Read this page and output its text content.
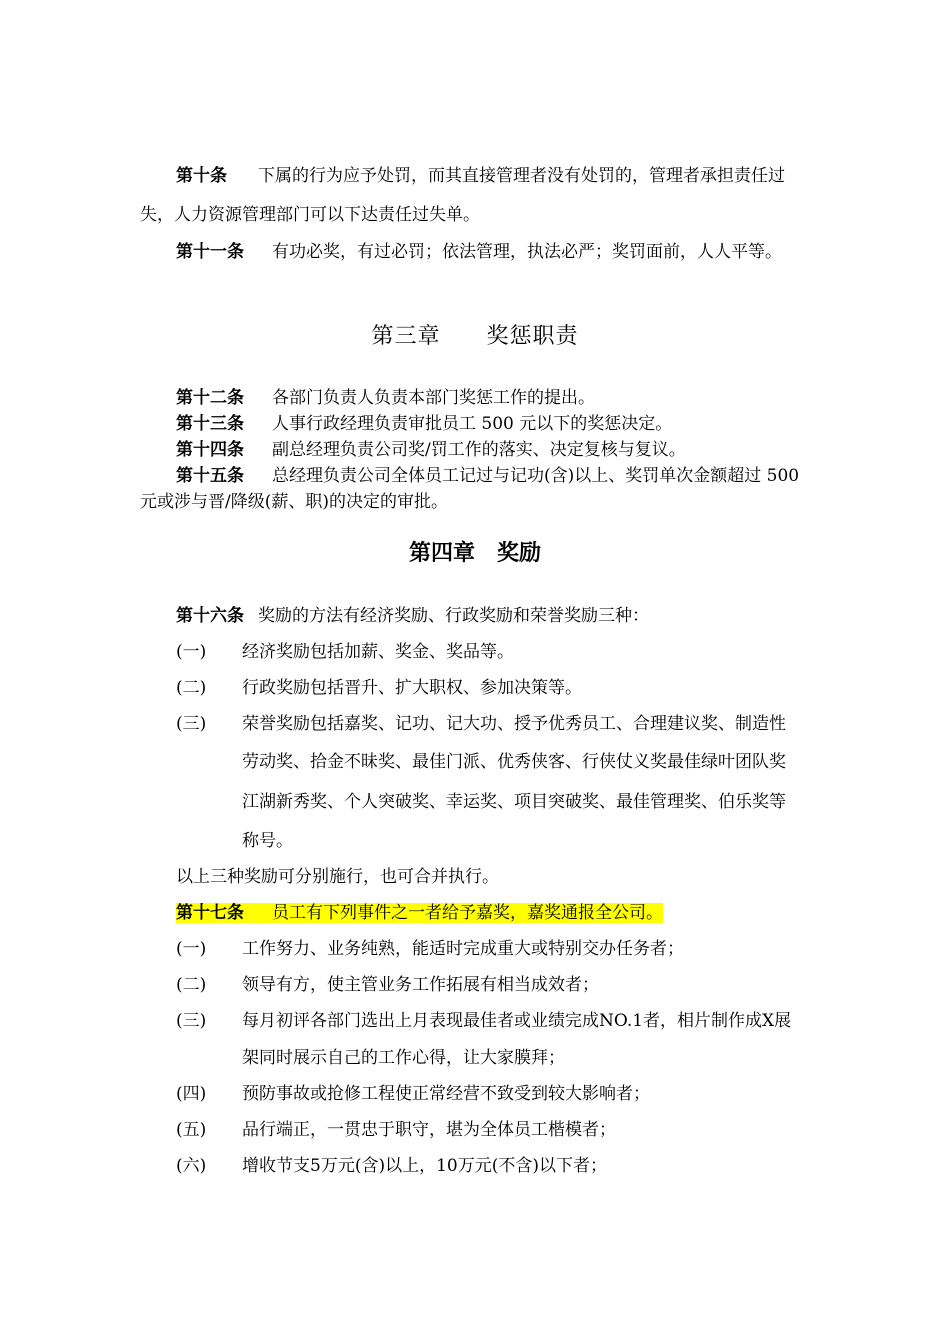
第十条 下属的行为应予处罚，而其直接管理者没有处罚的，管理者承担责任过
失，人力资源管理部门可以下达责任过失单。
第十一条 有功必奖，有过必罚；依法管理，执法必严；奖罚面前，人人平等。
第三章　　奖惩职责
第十二条 各部门负责人负责本部门奖惩工作的提出。
第十三条 人事行政经理负责审批员工 500 元以下的奖惩决定。
第十四条 副总经理负责公司奖/罚工作的落实、决定复核与复议。
第十五条 总经理负责公司全体员工记过与记功(含)以上、奖罚单次金额超过 500
元或涉与晋/降级(薪、职)的决定的审批。
第四章　奖励
第十六条 奖励的方法有经济奖励、行政奖励和荣誉奖励三种：
(一) 经济奖励包括加薪、奖金、奖品等。
(二) 行政奖励包括晋升、扩大职权、参加决策等。
(三) 荣誉奖励包括嘉奖、记功、记大功、授予优秀员工、合理建议奖、制造性
劳动奖、拾金不昧奖、最佳门派、优秀侠客、行侠仗义奖最佳绿叶团队奖
江湖新秀奖、个人突破奖、幸运奖、项目突破奖、最佳管理奖、伯乐奖等
称号。
以上三种奖励可分别施行，也可合并执行。
第十七条 员工有下列事件之一者给予嘉奖，嘉奖通报全公司。
(一) 工作努力、业务纯熟，能适时完成重大或特别交办任务者；
(二) 领导有方，使主管业务工作拓展有相当成效者；
(三) 每月初评各部门选出上月表现最佳者或业绩完成NO.1者，相片制作成X展
架同时展示自己的工作心得，让大家膜拜；
(四) 预防事故或抢修工程使正常经营不致受到较大影响者；
(五) 品行端正，一贯忠于职守，堪为全体员工楷模者；
(六) 增收节支5万元(含)以上，10万元(不含)以下者；
